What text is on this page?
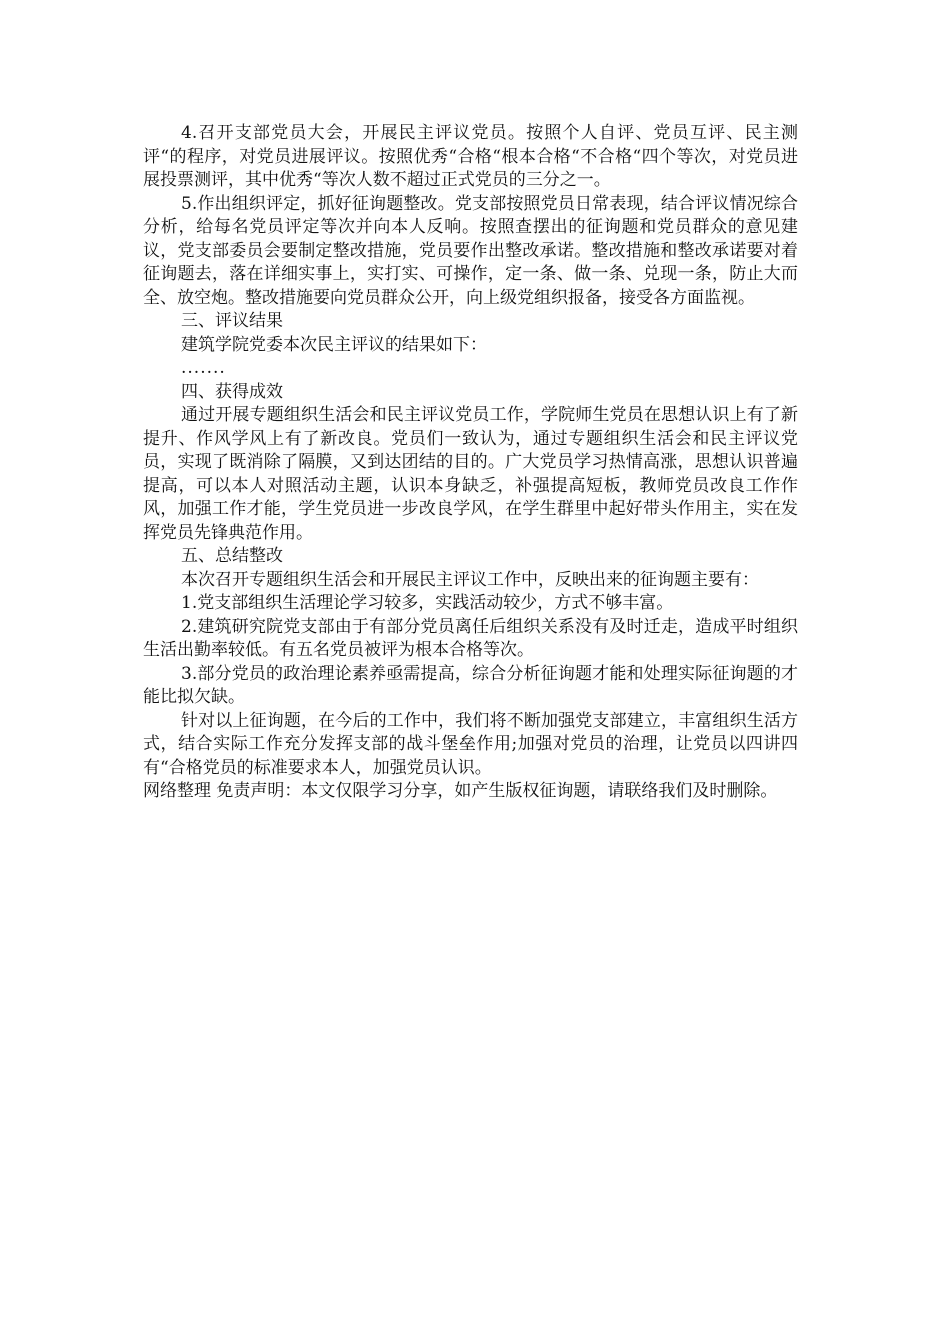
4.召开支部党员大会，开展民主评议党员。按照个人自评、党员互评、民主测评“的程序，对党员进展评议。按照优秀“合格“根本合格“不合格“四个等次，对党员进展投票测评，其中优秀“等次人数不超过正式党员的三分之一。

5.作出组织评定，抓好征询题整改。党支部按照党员日常表现，结合评议情况综合分析，给每名党员评定等次并向本人反响。按照查摆出的征询题和党员群众的意见建议，党支部委员会要制定整改措施，党员要作出整改承诺。整改措施和整改承诺要对着征询题去，落在详细实事上，实打实、可操作，定一条、做一条、兑现一条，防止大而全、放空炮。整改措施要向党员群众公开，向上级党组织报备，接受各方面监视。

三、评议结果

建筑学院党委本次民主评议的结果如下：

.......

四、获得成效

通过开展专题组织生活会和民主评议党员工作，学院师生党员在思想认识上有了新提升、作风学风上有了新改良。党员们一致认为，通过专题组织生活会和民主评议党员，实现了既消除了隔膜，又到达团结的目的。广大党员学习热情高涨，思想认识普遍提高，可以本人对照活动主题，认识本身缺乏，补强提高短板，教师党员改良工作作风，加强工作才能，学生党员进一步改良学风，在学生群里中起好带头作用主，实在发挥党员先锋典范作用。

五、总结整改

本次召开专题组织生活会和开展民主评议工作中，反映出来的征询题主要有：

1.党支部组织生活理论学习较多，实践活动较少，方式不够丰富。

2.建筑研究院党支部由于有部分党员离任后组织关系没有及时迁走，造成平时组织生活出勤率较低。有五名党员被评为根本合格等次。

3.部分党员的政治理论素养亟需提高，综合分析征询题才能和处理实际征询题的才能比拟欠缺。

针对以上征询题，在今后的工作中，我们将不断加强党支部建立，丰富组织生活方式，结合实际工作充分发挥支部的战斗堡垒作用;加强对党员的治理，让党员以四讲四有“合格党员的标准要求本人，加强党员认识。

网络整理 免责声明：本文仅限学习分享，如产生版权征询题，请联络我们及时删除。
